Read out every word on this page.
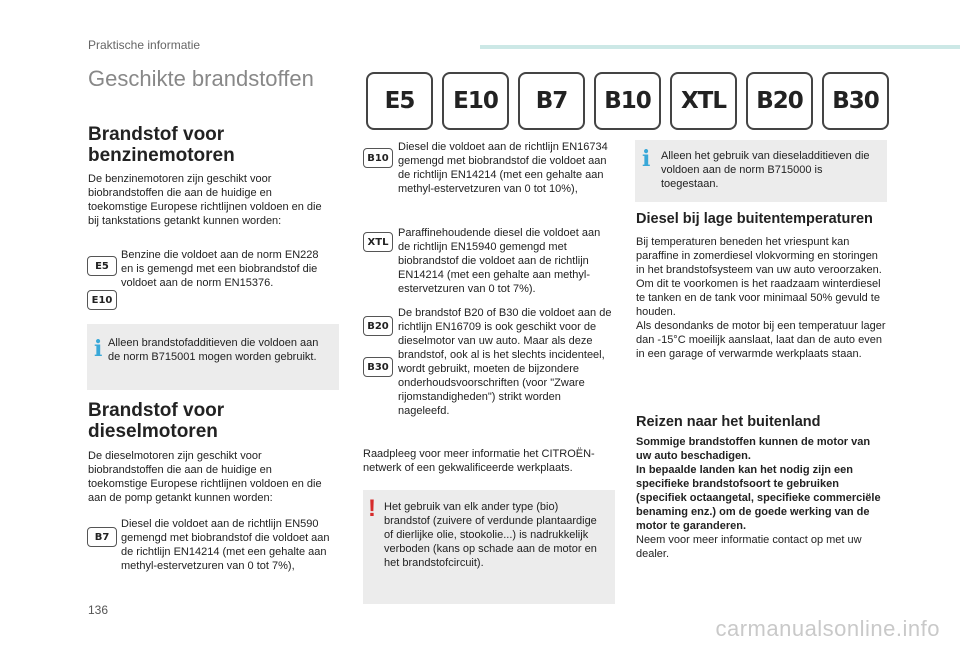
Praktische informatie
Geschikte brandstoffen
E5	E10	B7	B10	XTL	B20	B30
Brandstof voor
benzinemotoren

De benzinemotoren zijn geschikt voor biobrandstoffen die aan de huidige en toekomstige Europese richtlijnen voldoen en die bij tankstations getankt kunnen worden:

E5
E10

Benzine die voldoet aan de norm EN228 en is gemengd met een biobrandstof die voldoet aan de norm EN15376.

i Alleen brandstofadditieven die voldoen aan de norm B715001 mogen worden gebruikt.

Brandstof voor
dieselmotoren

De dieselmotoren zijn geschikt voor biobrandstoffen die aan de huidige en toekomstige Europese richtlijnen voldoen en die aan de pomp getankt kunnen worden:

B7

Diesel die voldoet aan de richtlijn EN590 gemengd met biobrandstof die voldoet aan de richtlijn EN14214 (met een gehalte aan methyl-estervetzuren van 0 tot 7%),

B10

Diesel die voldoet aan de richtlijn EN16734 gemengd met biobrandstof die voldoet aan de richtlijn EN14214 (met een gehalte aan methyl-estervetzuren van 0 tot 10%),

XTL

Paraffinehoudende diesel die voldoet aan de richtlijn EN15940 gemengd met biobrandstof die voldoet aan de richtlijn EN14214 (met een gehalte aan methyl-estervetzuren van 0 tot 7%).

B20
B30

De brandstof B20 of B30 die voldoet aan de richtlijn EN16709 is ook geschikt voor de dieselmotor van uw auto. Maar als deze brandstof, ook al is het slechts incidenteel, wordt gebruikt, moeten de bijzondere onderhoudsvoorschriften (voor "Zware rijomstandigheden") strikt worden nageleefd.

Raadpleeg voor meer informatie het CITROËN-netwerk of een gekwalificeerde werkplaats.

! Het gebruik van elk ander type (bio) brandstof (zuivere of verdunde plantaardige of dierlijke olie, stookolie...) is nadrukkelijk verboden (kans op schade aan de motor en het brandstofcircuit).

i Alleen het gebruik van dieseladditieven die voldoen aan de norm B715000 is toegestaan.

Diesel bij lage buitentemperaturen

Bij temperaturen beneden het vriespunt kan paraffine in zomerdiesel vlokvorming en storingen in het brandstofsysteem van uw auto veroorzaken. Om dit te voorkomen is het raadzaam winterdiesel te tanken en de tank voor minimaal 50% gevuld te houden.

Als desondanks de motor bij een temperatuur lager dan -15°C moeilijk aanslaat, laat dan de auto even in een garage of verwarmde werkplaats staan.

Reizen naar het buitenland

Sommige brandstoffen kunnen de motor van uw auto beschadigen.

In bepaalde landen kan het nodig zijn een specifieke brandstofsoort te gebruiken (specifiek octaangetal, specifieke commerciële benaming enz.) om de goede werking van de motor te garanderen.

Neem voor meer informatie contact op met uw dealer.

136
carmanualsonline.info
